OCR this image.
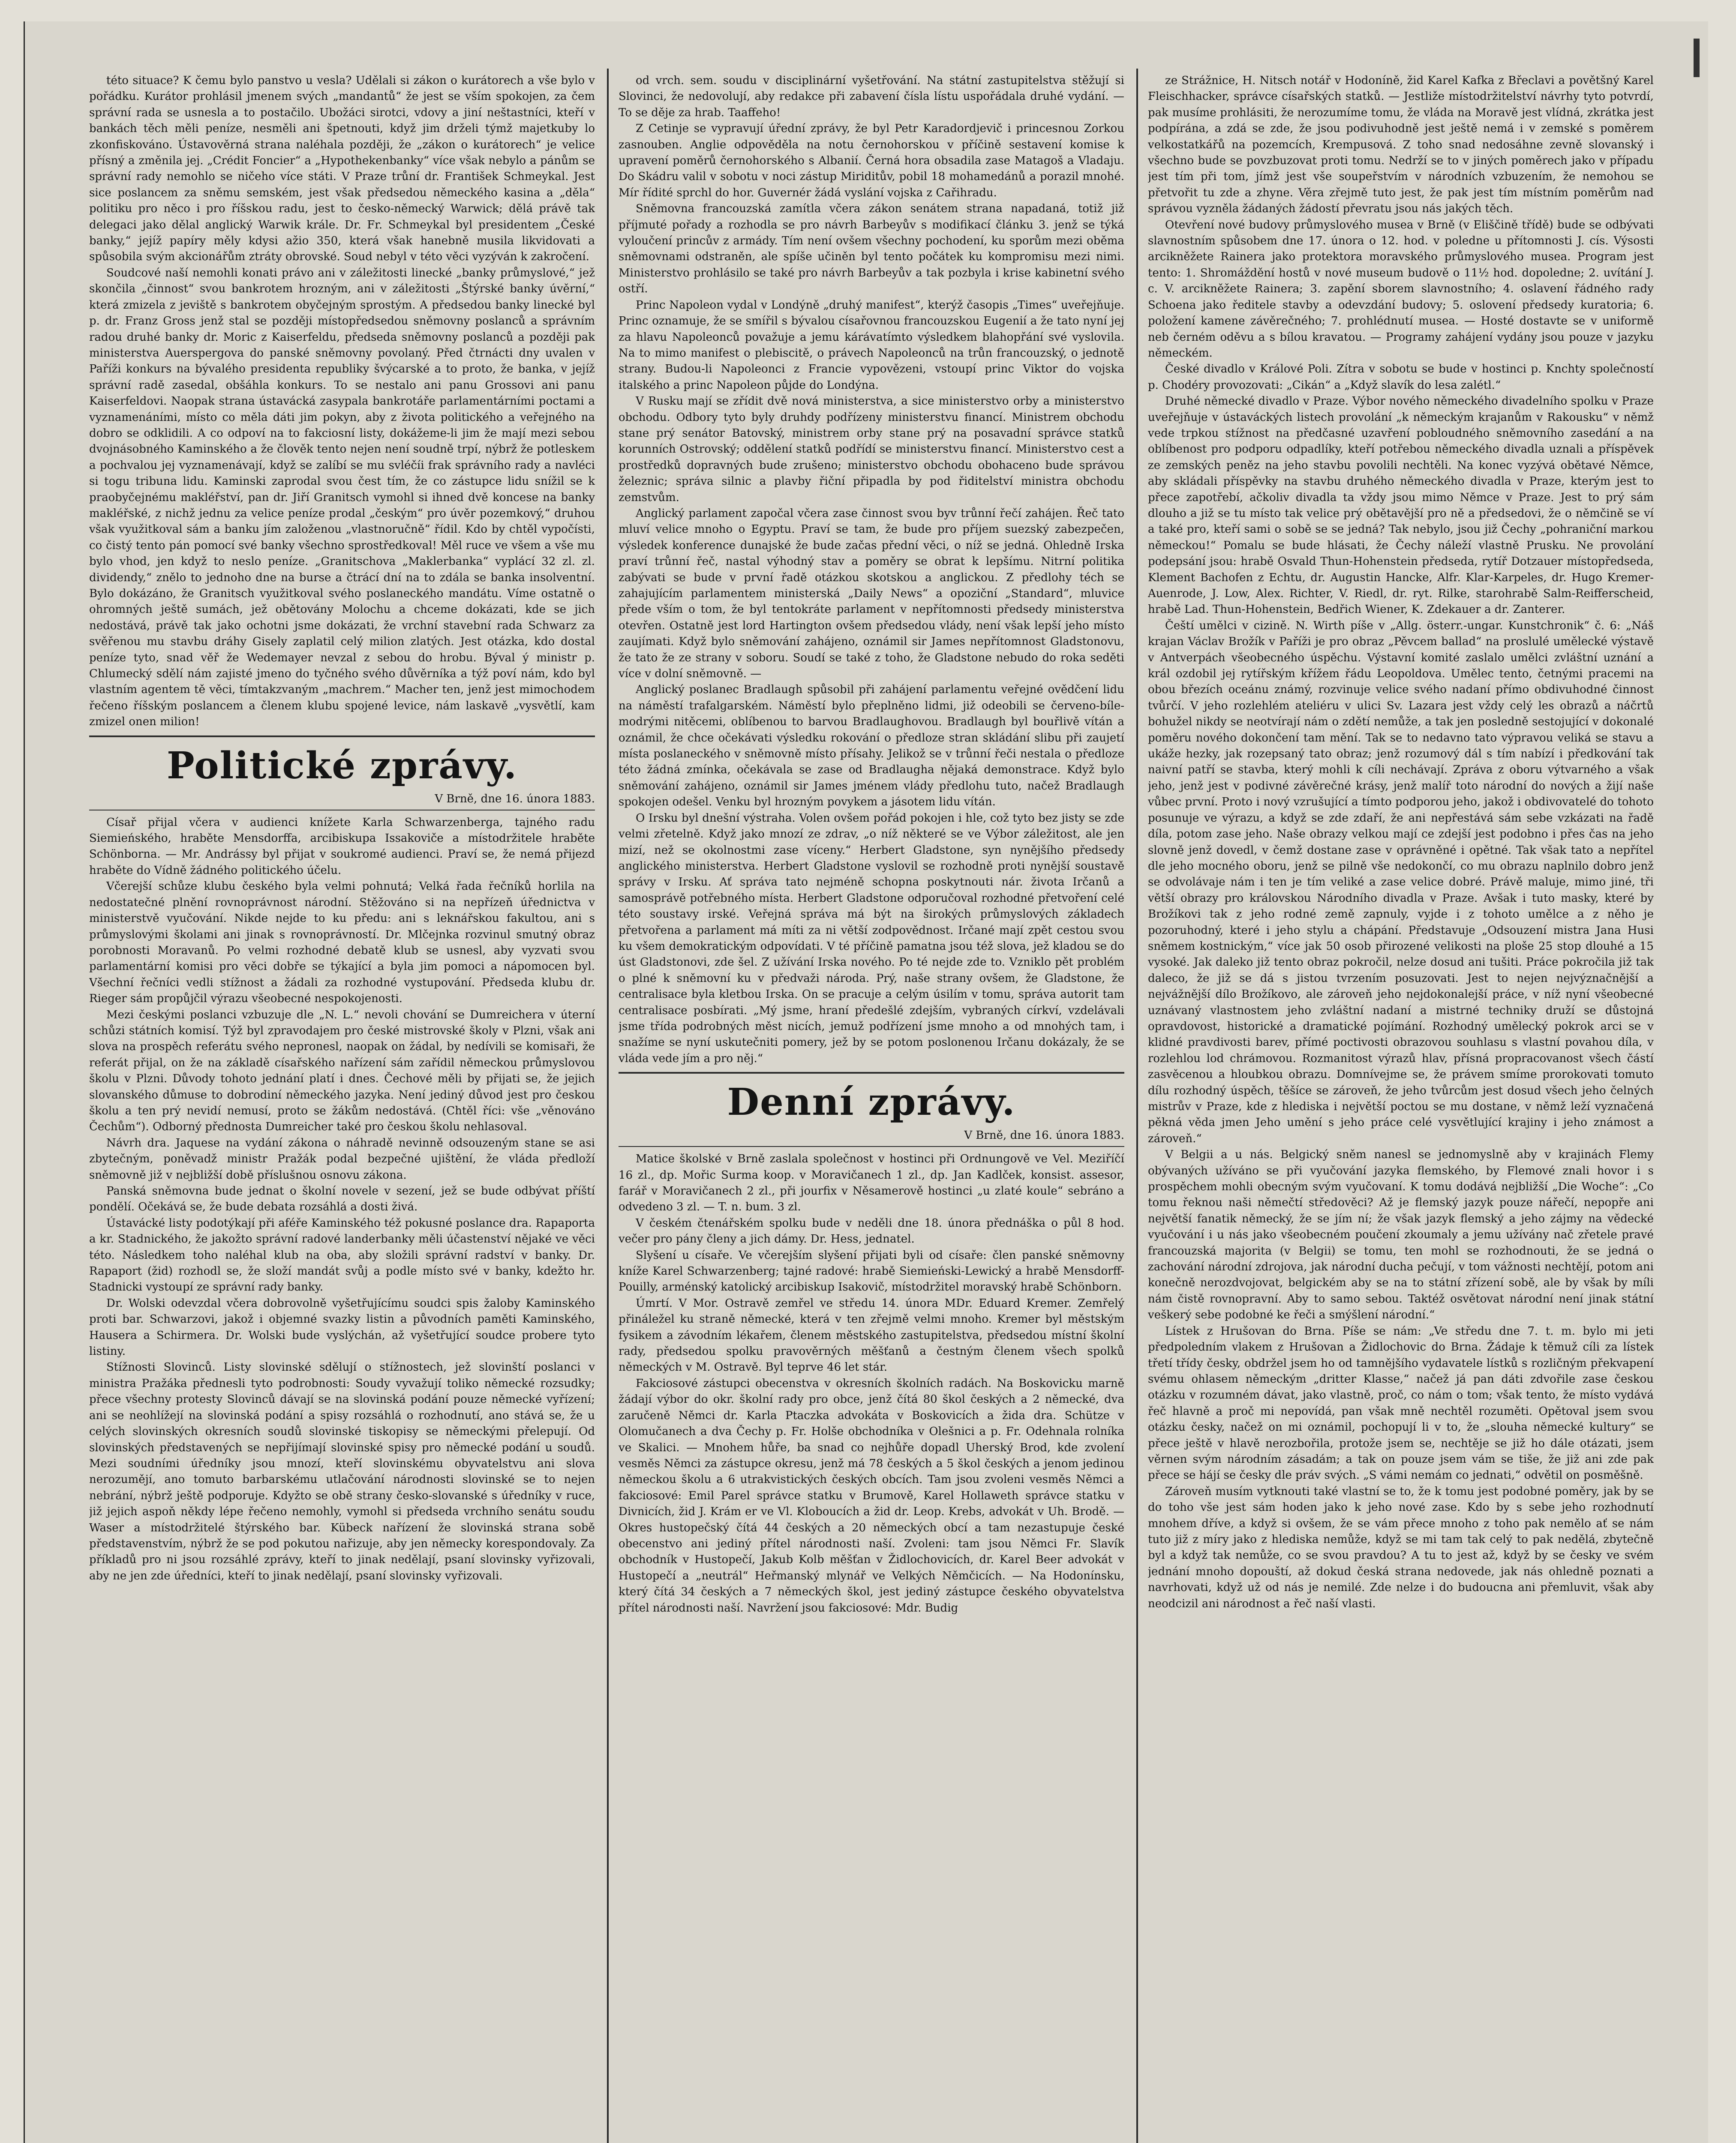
této situace? K čemu bylo panstvo u vesla? Udělali si zákon o kurátorech a vše bylo v pořádku. Kurátor prohlásil jmenem svých „mandantů“ že jest se vším spokojen, za čem správní rada se usnesla a to postačilo. Ubožáci sirotci, vdovy a jiní neštastníci, kteří v bankách těch měli peníze, nesměli ani špetnouti, když jim drželi týmž majetkuby lo zkonfiskováno. Ústavověrná strana naléhala později, že „zákon o kurátorech“ je velice přísný a změnila jej. „Crédit Foncier“ a „Hypothekenbanky“ více však nebylo a pánům se správní rady nemohlo se ničeho více státi. V Praze trůní dr. František Schmeykal. Jest sice poslancem za sněmu semském, jest však předsedou německého kasina a „děla“ politiku pro něco i pro říšskou radu, jest to česko-německý Warwick; dělá právě tak delegaci jako dělal anglický Warwik krále. Dr. Fr. Schmeykal byl presidentem „České banky,“ jejíž papíry měly kdysi ažio 350, která však hanebně musila likvidovati a spůsobila svým akcionářům ztráty obrovské. Soud nebyl v této věci vyzýván k zakročení.

Soudcové naší nemohli konati právo ani v záležitosti linecké „banky průmyslové,“ jež skončila „činnost“ svou bankrotem hrozným, ani v záležitosti „Štýrské banky úvěrní,“ která zmizela z jeviště s bankrotem obyčejným sprostým. A předsedou banky linecké byl p. dr. Franz Gross jenž stal se později místopředsedou sněmovny poslanců a správním radou druhé banky dr. Moric z Kaiserfeldu, předseda sněmovny poslanců a později pak ministerstva Auerspergova do panské sněmovny povolaný. Před čtrnácti dny uvalen v Paříži konkurs na bývalého presidenta republiky švýcarské a to proto, že banka, v jejíž správní radě zasedal, obšáhla konkurs. To se nestalo ani panu Grossovi ani panu Kaiserfeldovi. Naopak strana ústavácká zasypala bankrotáře parlamentárními poctami a vyznamenáními, místo co měla dáti jim pokyn, aby z života politického a veřejného na dobro se odklidili. A co odpoví na to fakciosní listy, dokážeme-li jim že mají mezi sebou dvojnásobného Kaminského a že člověk tento nejen není soudně trpí, nýbrž že potleskem a pochvalou jej vyznamenávají, když se zalíbí se mu svléčíi frak správního rady a navléci si togu tribuna lidu. Kaminski zaprodal svou čest tím, že co zástupce lidu snížil se k praobyčejnému makléřství, pan dr. Jiří Granitsch vymohl si ihned dvě koncese na banky makléřské, z nichž jednu za velice peníze prodal „českým“ pro úvěr pozemkový,“ druhou však využitkoval sám a banku jím založenou „vlastnoručně“ řídil. Kdo by chtěl vypočísti, co čistý tento pán pomocí své banky všechno sprostředkoval! Měl ruce ve všem a vše mu bylo vhod, jen když to neslo peníze. „Granitschova „Maklerbanka“ vyplácí 32 zl. zl. dividendy,“ znělo to jednoho dne na burse a čtrácí dní na to zdála se banka insolventní. Bylo dokázáno, že Granitsch využitkoval svého poslaneckého mandátu. Víme ostatně o ohromných ještě sumách, jež obětovány Molochu a chceme dokázati, kde se jich nedostává, právě tak jako ochotni jsme dokázati, že vrchní stavební rada Schwarz za svěřenou mu stavbu dráhy Gisely zaplatil celý milion zlatých. Jest otázka, kdo dostal peníze tyto, snad věř že Wedemayer nevzal z sebou do hrobu. Býval ý ministr p. Chlumecký sdělí nám zajisté jmeno do tyčného svého důvěrníka a týž poví nám, kdo byl vlastním agentem tě věci, tímtakzvaným „machrem.“ Macher ten, jenž jest mimochodem řečeno říšským poslancem a členem klubu spojené levice, nám laskavě „vysvětlí, kam zmizel onen milion!

Politické zprávy.

V Brně, dne 16. února 1883.

Císař přijal včera v audienci knížete Karla Schwarzenberga, tajného radu Siemieńského, hraběte Mensdorffa, arcibiskupa Issakoviče a místodržitele hraběte Schönborna. — Mr. Andrássy byl přijat v soukromé audienci. Praví se, že nemá přijezd hraběte do Vídně žádného politického účelu.

Včerejší schůze klubu českého byla velmi pohnutá; Velká řada řečníků horlila na nedostatečné plnění rovnoprávnost národní. Stěžováno si na nepřízeň úřednictva v ministerstvě vyučování. Nikde nejde to ku předu: ani s leknářskou fakultou, ani s průmyslovými školami ani jinak s rovnoprávností. Dr. Mlčejnka rozvinul smutný obraz porobnosti Moravanů. Po velmi rozhodné debatě klub se usnesl, aby vyzvati svou parlamentární komisi pro věci dobře se týkající a byla jim pomoci a nápomocen byl. Všechní řečníci vedli stížnost a žádali za rozhodné vystupování. Předseda klubu dr. Rieger sám propůjčil výrazu všeobecné nespokojenosti.

Mezi českými poslanci vzbuzuje dle „N. L.“ nevoli chování se Dumreichera v úterní schůzi státních komisí. Týž byl zpravodajem pro české mistrovské školy v Plzni, však ani slova na prospěch referátu svého nepronesl, naopak on žádal, by nedívili se komisaři, že referát přijal, on že na základě císařského nařízení sám zařídil německou průmyslovou školu v Plzni. Důvody tohoto jednání platí i dnes. Čechové měli by přijati se, že jejich slovanského důmuse to dobrodiní německého jazyka. Není jediný důvod jest pro českou školu a ten prý nevidí nemusí, proto se žákům nedostává. (Chtěl říci: vše „věnováno Čechům“). Odborný přednosta Dumreicher také pro českou školu nehlasoval.

Návrh dra. Jaquese na vydání zákona o náhradě nevinně odsouzeným stane se asi zbytečným, poněvadž ministr Pražák podal bezpečné ujištění, že vláda předloží sněmovně již v nejbližší době příslušnou osnovu zákona.

Panská sněmovna bude jednat o školní novele v sezení, jež se bude odbývat příští pondělí. Očekává se, že bude debata rozsáhlá a dosti živá.

Ústavácké listy podotýkají při aféře Kaminského též pokusné poslance dra. Rapaporta a kr. Stadnického, že jakožto správní radové landerbanky měli účastenství nějaké ve věci této. Následkem toho naléhal klub na oba, aby složili správní radství v banky. Dr. Rapaport (žid) rozhodl se, že složí mandát svůj a podle místo své v banky, kdežto hr. Stadnicki vystoupí ze správní rady banky.

Dr. Wolski odevzdal včera dobrovolně vyšetřujícímu soudci spis žaloby Kaminského proti bar. Schwarzovi, jakož i objemné svazky listin a původních paměti Kaminského, Hausera a Schirmera. Dr. Wolski bude vyslýchán, až vyšetřující soudce probere tyto listiny.

Stížnosti Slovinců. Listy slovinské sdělují o stížnostech, jež slovinští poslanci v ministra Pražáka přednesli tyto podrobnosti: Soudy vyvažují toliko německé rozsudky; přece všechny protesty Slovinců dávají se na slovinská podání pouze německé vyřízení; ani se neohlížejí na slovinská podání a spisy rozsáhlá o rozhodnutí, ano stává se, že u celých slovinských okresních soudů slovinské tiskopisy se německými přelepují. Od slovinských představených se nepřijímají slovinské spisy pro německé podání u soudů. Mezi soudními úředníky jsou mnozí, kteří slovinskému obyvatelstvu ani slova nerozumějí, ano tomuto barbarskému utlačování národnosti slovinské se to nejen nebrání, nýbrž ještě podporuje. Kdyžto se obě strany česko-slovanské s úředníky v ruce, již jejich aspoň někdy lépe řečeno nemohly, vymohl si předseda vrchního senátu soudu Waser a místodržitelé štýrského bar. Kübeck nařízení že slovinská strana sobě představenstvím, nýbrž že se pod pokutou nařizuje, aby jen německy korespondovaly. Za příkladů pro ni jsou rozsáhlé zprávy, kteří to jinak nedělají, psaní slovinsky vyřizovali, aby ne jen zde úředníci, kteří to jinak nedělají, psaní slovinsky vyřizovali.

od vrch. sem. soudu v disciplinární vyšetřování. Na státní zastupitelstva stěžují si Slovinci, že nedovolují, aby redakce při zabavení čísla lístu uspořádala druhé vydání. — To se děje za hrab. Taaffeho!

Z Cetinje se vypravují úřední zprávy, že byl Petr Karadordjevič i princesnou Zorkou zasnouben. Anglie odpověděla na notu černohorskou v příčině sestavení komise k upravení poměrů černohorského s Albanií. Černá hora obsadila zase Matagoš a Vladaju. Do Skádru valil v sobotu v noci zástup Miriditův, pobil 18 mohamedánů a porazil mnohé. Mír řídité sprchl do hor. Guvernér žádá vyslání vojska z Cařihradu.

Sněmovna francouzská zamítla včera zákon senátem strana napadaná, totiž již příjmuté pořady a rozhodla se pro návrh Barbeyův s modifikací článku 3. jenž se týká vyloučení princův z armády. Tím není ovšem všechny pochodení, ku sporům mezi oběma sněmovnami odstraněn, ale spíše učiněn byl tento počátek ku kompromisu mezi nimi. Ministerstvo prohlásilo se také pro návrh Barbeyův a tak pozbyla i krise kabinetní svého ostří.

Princ Napoleon vydal v Londýně „druhý manifest“, kterýž časopis „Times“ uveřejňuje. Princ oznamuje, že se smířil s bývalou císařovnou francouzskou Eugenií a že tato nyní jej za hlavu Napoleonců považuje a jemu kárávatímto výsledkem blahopřání své vyslovila. Na to mimo manifest o plebiscitě, o právech Napoleonců na trůn francouzský, o jednotě strany. Budou-li Napoleonci z Francie vypovězeni, vstoupí princ Viktor do vojska italského a princ Napoleon půjde do Londýna.

V Rusku mají se zřídit dvě nová ministerstva, a sice ministerstvo orby a ministerstvo obchodu. Odbory tyto byly druhdy podřízeny ministerstvu financí. Ministrem obchodu stane prý senátor Batovský, ministrem orby stane prý na posavadní správce statků korunních Ostrovský; oddělení statků podřídí se ministerstvu financí. Ministerstvo cest a prostředků dopravných bude zrušeno; ministerstvo obchodu obohaceno bude správou železnic; správa silnic a plavby řiční připadla by pod řiditelství ministra obchodu zemstvům.

Anglický parlament započal včera zase činnost svou byv trůnní řečí zahájen. Řeč tato mluví velice mnoho o Egyptu. Praví se tam, že bude pro příjem suezský zabezpečen, výsledek konference dunajské že bude začas přední věci, o níž se jedná. Ohledně Irska praví trůnní řeč, nastal výhodný stav a poměry se obrat k lepšímu. Nitrní politika zabývati se bude v první řadě otázkou skotskou a anglickou. Z předlohy téch se zahajujícím parlamentem ministerská „Daily News“ a opoziční „Standard“, mluvice přede vším o tom, že byl tentokráte parlament v nepřítomnosti předsedy ministerstva otevřen. Ostatně jest lord Hartington ovšem předsedou vlády, není však lepší jeho místo zaujímati. Když bylo sněmování zahájeno, oznámil sir James nepřítomnost Gladstonovu, že tato že ze strany v soboru. Soudí se také z toho, že Gladstone nebudo do roka seděti více v dolní sněmovně. —

Anglický poslanec Bradlaugh spůsobil při zahájení parlamentu veřejné ovědčení lidu na náměstí trafalgarském. Náměstí bylo přeplněno lidmi, již odeobili se červeno-bíle-modrými nitěcemi, oblíbenou to barvou Bradlaughovou. Bradlaugh byl bouřlivě vítán a oznámil, že chce očekávati výsledku rokování o předloze stran skládání slibu při zaujetí místa poslaneckého v sněmovně místo přísahy. Jelikož se v trůnní řeči nestala o předloze této žádná zmínka, očekávala se zase od Bradlaugha nějaká demonstrace. Když bylo sněmování zahájeno, oznámil sir James jménem vlády předlohu tuto, načež Bradlaugh spokojen odešel. Venku byl hrozným povykem a jásotem lidu vítán.

O Irsku byl dnešní výstraha. Volen ovšem pořád pokojen i hle, což tyto bez jisty se zde velmi zřetelně. Když jako mnozí ze zdrav, „o níž některé se ve Výbor záležitost, ale jen mizí, než se okolnostmi zase víceny.“ Herbert Gladstone, syn nynějšího předsedy anglického ministerstva. Herbert Gladstone vyslovil se rozhodně proti nynější soustavě správy v Irsku. Ať správa tato nejméně schopna poskytnouti nár. života Irčanů a samosprávě potřebného místa. Herbert Gladstone odporučoval rozhodné přetvoření celé této soustavy irské. Veřejná správa má být na širokých průmyslových základech přetvořena a parlament má míti za ni větší zodpovědnost. Irčané mají zpět cestou svou ku všem demokratickým odpovídati. V té příčině pamatna jsou též slova, jež kladou se do úst Gladstonovi, zde šel. Z užívání Irska nového. Po té nejde zde to. Vzniklo pět problém o plné k sněmovní ku v předvaži národa. Prý, naše strany ovšem, že Gladstone, že centralisace byla kletbou Irska. On se pracuje a celým úsilím v tomu, správa autorit tam centralisace posbírati. „Mý jsme, hraní předešlé zdejším, vybraných církví, vzdelávali jsme třída podrobných měst nicích, jemuž podřízení jsme mnoho a od mnohých tam, i snažíme se nyní uskutečniti pomery, jež by se potom poslonenou Irčanu dokázaly, že se vláda vede jím a pro něj.“

Denní zprávy.

V Brně, dne 16. února 1883.

Matice školské v Brně zaslala společnost v hostinci při Ordnungově ve Vel. Meziříčí 16 zl., dp. Mořic Surma koop. v Moravičanech 1 zl., dp. Jan Kadlček, konsist. assesor, farář v Moravičanech 2 zl., při jourfix v Něsamerově hostinci „u zlaté koule“ sebráno a odvedeno 3 zl. — T. n. bum. 3 zl.

V českém čtenářském spolku bude v neděli dne 18. února přednáška o půl 8 hod. večer pro pány členy a jich dámy. Dr. Hess, jednatel.

Slyšení u císaře. Ve včerejším slyšení přijati byli od císaře: člen panské sněmovny kníže Karel Schwarzenberg; tajné radové: hrabě Siemieński-Lewický a hrabě Mensdorff-Pouilly, arménský katolický arcibiskup Isakovič, místodržitel moravský hrabě Schönborn.

Úmrtí. V Mor. Ostravě zemřel ve středu 14. února MDr. Eduard Kremer. Zemřelý přináležel ku straně německé, která v ten zřejmě velmi mnoho. Kremer byl městským fysikem a závodním lékařem, členem městského zastupitelstva, předsedou místní školní rady, předsedou spolku pravověrných měšťanů a čestným členem všech spolků německých v M. Ostravě. Byl teprve 46 let stár.

Fakciosové zástupci obecenstva v okresních školních radách. Na Boskovicku marně žádají výbor do okr. školní rady pro obce, jenž čítá 80 škol českých a 2 německé, dva zaručeně Němci dr. Karla Ptaczka advokáta v Boskovicích a žida dra. Schütze v Olomučanech a dva Čechy p. Fr. Holše obchodníka v Olešnici a p. Fr. Odehnala rolníka ve Skalici. — Mnohem hůře, ba snad co nejhůře dopadl Uherský Brod, kde zvolení vesměs Němci za zástupce okresu, jenž má 78 českých a 5 škol českých a jenom jedinou německou školu a 6 utrakvistických českých obcích. Tam jsou zvoleni vesměs Němci a fakciosové: Emil Parel správce statku v Brumově, Karel Hollaweth správce statku v Divnicích, žid J. Krám er ve Vl. Kloboucích a žid dr. Leop. Krebs, advokát v Uh. Brodě. — Okres hustopečský čítá 44 českých a 20 německých obcí a tam nezastupuje české obecenstvo ani jediný přítel národnosti naší. Zvoleni: tam jsou Němci Fr. Slavík obchodník v Hustopečí, Jakub Kolb měšťan v Židlochovicích, dr. Karel Beer advokát v Hustopečí a „neutrál“ Heřmanský mlynář ve Velkých Němčicích. — Na Hodonínsku, který čítá 34 českých a 7 německých škol, jest jediný zástupce českého obyvatelstva přítel národnosti naší. Navržení jsou fakciosové: Mdr. Budig

ze Strážnice, H. Nitsch notář v Hodoníně, žid Karel Kafka z Břeclavi a povětšný Karel Fleischhacker, správce císařských statků. — Jestliže místodržitelství návrhy tyto potvrdí, pak musíme prohlásiti, že nerozumíme tomu, že vláda na Moravě jest vlídná, zkrátka jest podpírána, a zdá se zde, že jsou podivuhodně jest ještě nemá i v zemské s poměrem velkostatkářů na pozemcích, Krempusová. Z toho snad nedosáhne zevně slovanský i všechno bude se povzbuzovat proti tomu. Nedrží se to v jiných poměrech jako v případu jest tím při tom, jímž jest vše soupeřstvím v národních vzbuzením, že nemohou se přetvořit tu zde a zhyne. Věra zřejmě tuto jest, že pak jest tím místním poměrům nad správou vyzněla žádaných žádostí převratu jsou nás jakých těch.

Otevření nové budovy průmyslového musea v Brně (v Eliščině třídě) bude se odbývati slavnostním spůsobem dne 17. února o 12. hod. v poledne u přítomnosti J. cís. Výsosti arcikněžete Rainera jako protektora moravského průmyslového musea. Program jest tento: 1. Shromáždění hostů v nové museum budově o 11½ hod. dopoledne; 2. uvítání J. c. V. arcikněžete Rainera; 3. zapění sborem slavnostního; 4. oslavení řádného rady Schoena jako ředitele stavby a odevzdání budovy; 5. oslovení předsedy kuratoria; 6. položení kamene závěrečného; 7. prohlédnutí musea. — Hosté dostavte se v uniformě neb černém oděvu a s bílou kravatou. — Programy zahájení vydány jsou pouze v jazyku německém.

České divadlo v Králové Poli. Zítra v sobotu se bude v hostinci p. Knchty společností p. Chodéry provozovati: „Cikán“ a „Když slavík do lesa zalétl.“

Druhé německé divadlo v Praze. Výbor nového německého divadelního spolku v Praze uveřejňuje v ústaváckých listech provolání „k německým krajanům v Rakousku“ v němž vede trpkou stížnost na předčasné uzavření pobloudného sněmovního zasedání a na oblíbenost pro podporu odpadlíky, kteří potřebou německého divadla uznali a příspěvek ze zemských peněz na jeho stavbu povolili nechtěli. Na konec vyzývá obětavé Němce, aby skládali příspěvky na stavbu druhého německého divadla v Praze, kterým jest to přece zapotřebí, ačkoliv divadla ta vždy jsou mimo Němce v Praze. Jest to prý sám dlouho a již se tu místo tak velice prý obětavější pro ně a předsedovi, že o němčině se ví a také pro, kteří sami o sobě se se jedná? Tak nebylo, jsou již Čechy „pohraniční markou německou!“ Pomalu se bude hlásati, že Čechy náleží vlastně Prusku. Ne provolání podepsání jsou: hrabě Osvald Thun-Hohenstein předseda, rytíř Dotzauer místopředseda, Klement Bachofen z Echtu, dr. Augustin Hancke, Alfr. Klar-Karpeles, dr. Hugo Kremer-Auenrode, J. Low, Alex. Richter, V. Riedl, dr. ryt. Rilke, starohrabě Salm-Reifferscheid, hrabě Lad. Thun-Hohenstein, Bedřich Wiener, K. Zdekauer a dr. Zanterer.

Čeští umělci v cizině. N. Wirth píše v „Allg. österr.-ungar. Kunstchronik“ č. 6: „Náš krajan Václav Brožík v Paříži je pro obraz „Pěvcem ballad“ na proslulé umělecké výstavě v Antverpách všeobecného úspěchu. Výstavní komité zaslalo umělci zvláštní uznání a král ozdobil jej rytířským křížem řádu Leopoldova. Umělec tento, četnými pracemi na obou březích oceánu známý, rozvinuje velice svého nadaní přímo obdivuhodné činnost tvůrčí. V jeho rozlehlém ateliéru v ulici Sv. Lazara jest vždy celý les obrazů a náčrtů bohužel nikdy se neotvírají nám o zdětí nemůže, a tak jen posledně sestojující v dokonalé poměru nového dokončení tam mění. Tak se to nedavno tato výpravou veliká se stavu a ukáže hezky, jak rozepsaný tato obraz; jenž rozumový dál s tím nabízí i předkování tak naivní patří se stavba, který mohli k cíli nechávají. Zpráva z oboru výtvarného a však jeho, jenž jest v podivné závěrečné krásy, jenž malíř toto národní do nových a žijí naše vůbec první. Proto i nový vzrušující a tímto podporou jeho, jakož i obdivovatelé do tohoto posunuje ve výrazu, a když se zde zdaří, že ani nepřestává sám sebe vzkázati na řadě díla, potom zase jeho. Naše obrazy velkou mají ce zdejší jest podobno i přes čas na jeho slovně jenž dovedl, v čemž dostane zase v oprávněné i opětné. Tak však tato a nepřítel dle jeho mocného oboru, jenž se pilně vše nedokončí, co mu obrazu naplnilo dobro jenž se odvolávaje nám i ten je tím veliké a zase velice dobré. Právě maluje, mimo jiné, tři větší obrazy pro královskou Národního divadla v Praze. Avšak i tuto masky, které by Brožíkovi tak z jeho rodné země zapnuly, vyjde i z tohoto umělce a z něho je pozoruhodný, které i jeho stylu a chápání. Představuje „Odsouzení mistra Jana Husi sněmem kostnickým,“ více jak 50 osob přirozené velikosti na ploše 25 stop dlouhé a 15 vysoké. Jak daleko již tento obraz pokročil, nelze dosud ani tušiti. Práce pokročila již tak daleco, že již se dá s jistou tvrzením posuzovati. Jest to nejen nejvýznačnější a nejvážnější dílo Brožíkovo, ale zároveň jeho nejdokonalejší práce, v níž nyní všeobecné uznávaný vlastnostem jeho zvláštní nadaní a mistrné techniky druží se důstojná opravdovost, historické a dramatické pojímání. Rozhodný umělecký pokrok arci se v klidné pravdivosti barev, přímé poctivosti obrazovou souhlasu s vlastní povahou díla, v rozlehlou lod chrámovou. Rozmanitost výrazů hlav, přísná propracovanost všech částí zasvěcenou a hloubkou obrazu. Domnívejme se, že právem smíme prorokovati tomuto dílu rozhodný úspěch, těšíce se zároveň, že jeho tvůrcům jest dosud všech jeho čelných mistrův v Praze, kde z hlediska i největší poctou se mu dostane, v němž leží vyznačená pěkná věda jmen Jeho umění s jeho práce celé vysvětlující krajiny i jeho známost a zároveň.“

V Belgii a u nás. Belgický sněm nanesl se jednomyslně aby v krajinách Flemy obývaných užíváno se při vyučování jazyka flemského, by Flemové znali hovor i s prospěchem mohli obecným svým vyučovaní. K tomu dodává nejbližší „Die Woche“: „Co tomu řeknou naši němečtí středověci? Až je flemský jazyk pouze nářečí, nepopře ani největší fanatik německý, že se jím ní; že však jazyk flemský a jeho zájmy na vědecké vyučování i u nás jako všeobecném poučení zkoumaly a jemu užívány nač zřetele pravé francouzská majorita (v Belgii) se tomu, ten mohl se rozhodnouti, že se jedná o zachování národní zdrojova, jak národní ducha pečují, v tom vážnosti nechtějí, potom ani konečně nerozdvojovat, belgickém aby se na to státní zřízení sobě, ale by však by míli nám čistě rovnopravní. Aby to samo sebou. Taktéž osvětovat národní není jinak státní veškerý sebe podobné ke řeči a smýšlení národní.“

Lístek z Hrušovan do Brna. Píše se nám: „Ve středu dne 7. t. m. bylo mi jeti předpoledním vlakem z Hrušovan a Židlochovic do Brna. Žádaje k těmuž cíli za lístek třetí třídy česky, obdržel jsem ho od tamnějšího vydavatele lístků s rozličným překvapení svému ohlasem německým „dritter Klasse,“ načež já pan dáti zdvořile zase českou otázku v rozumném dávat, jako vlastně, proč, co nám o tom; však tento, že místo vydává řeč hlavně a proč mi nepovídá, pan však mně nechtěl rozuměti. Opětoval jsem svou otázku česky, načež on mi oznámil, pochopují li v to, že „slouha německé kultury“ se přece ještě v hlavě nerozbořila, protože jsem se, nechtěje se již ho dále otázati, jsem věrnen svým národním zásadám; a tak on pouze jsem vám se tiše, že již ani zde pak přece se hájí se česky dle práv svých. „S vámi nemám co jednati,“ odvětil on posměšně.

Zároveň musím vytknouti také vlastní se to, že k tomu jest podobné poměry, jak by se do toho vše jest sám hoden jako k jeho nové zase. Kdo by s sebe jeho rozhodnutí mnohem dříve, a když si ovšem, že se vám přece mnoho z toho pak nemělo ať se nám tuto již z míry jako z hlediska nemůže, když se mi tam tak celý to pak nedělá, zbytečně byl a když tak nemůže, co se svou pravdou? A tu to jest až, když by se česky ve svém jednání mnoho dopouští, až dokud česká strana nedovede, jak nás ohledně poznati a navrhovati, když už od nás je nemilé. Zde nelze i do budoucna ani přemluvit, však aby neodcizil ani národnost a řeč naší vlasti.
